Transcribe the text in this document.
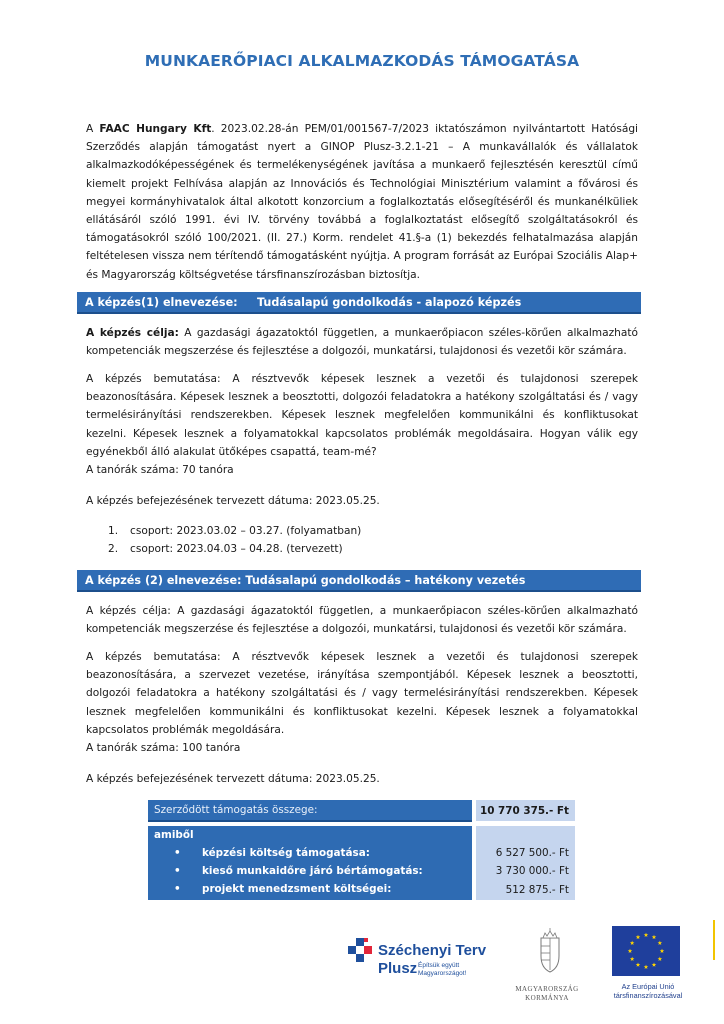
MUNKAERŐPIACI ALKALMAZKODÁS TÁMOGATÁSA

A FAAC Hungary Kft. 2023.02.28-án PEM/01/001567-7/2023 iktatószámon nyilvántartott Hatósági Szerződés alapján támogatást nyert a GINOP Plusz-3.2.1-21 – A munkavállalók és vállalatok alkalmazkodóképességének és termelékenységének javítása a munkaerő fejlesztésén keresztül című kiemelt projekt Felhívása alapján az Innovációs és Technológiai Minisztérium valamint a fővárosi és megyei kormányhivatalok által alkotott konzorcium a foglalkoztatás elősegítéséről és munkanélküliek ellátásáról szóló 1991. évi IV. törvény továbbá a foglalkoztatást elősegítő szolgáltatásokról és támogatásokról szóló 100/2021. (II. 27.) Korm. rendelet 41.§-a (1) bekezdés felhatalmazása alapján feltételesen vissza nem térítendő támogatásként nyújtja. A program forrását az Európai Szociális Alap+ és Magyarország költségvetése társfinanszírozásban biztosítja.

A képzés(1) elnevezése: Tudásalapú gondolkodás - alapozó képzés

A képzés célja: A gazdasági ágazatoktól független, a munkaerőpiacon széles-körűen alkalmazható kompetenciák megszerzése és fejlesztése a dolgozói, munkatársi, tulajdonosi és vezetői kör számára.

A képzés bemutatása: A résztvevők képesek lesznek a vezetői és tulajdonosi szerepek beazonosítására. Képesek lesznek a beosztotti, dolgozói feladatokra a hatékony szolgáltatási és / vagy termelésirányítási rendszerekben. Képesek lesznek megfelelően kommunikálni és konfliktusokat kezelni. Képesek lesznek a folyamatokkal kapcsolatos problémák megoldásaira. Hogyan válik egy egyénekből álló alakulat ütőképes csapattá, team-mé?

A tanórák száma: 70 tanóra
A képzés befejezésének tervezett dátuma: 2023.05.25.
1. csoport: 2023.03.02 – 03.27. (folyamatban)
2. csoport: 2023.04.03 – 04.28. (tervezett)
A képzés (2) elnevezése: Tudásalapú gondolkodás – hatékony vezetés

A képzés célja: A gazdasági ágazatoktól független, a munkaerőpiacon széles-körűen alkalmazható kompetenciák megszerzése és fejlesztése a dolgozói, munkatársi, tulajdonosi és vezetői kör számára.

A képzés bemutatása: A résztvevők képesek lesznek a vezetői és tulajdonosi szerepek beazonosítására, a szervezet vezetése, irányítása szempontjából. Képesek lesznek a beosztotti, dolgozói feladatokra a hatékony szolgáltatási és / vagy termelésirányítási rendszerekben. Képesek lesznek megfelelően kommunikálni és konfliktusokat kezelni. Képesek lesznek a folyamatokkal kapcsolatos problémák megoldására.

A tanórák száma: 100 tanóra
A képzés befejezésének tervezett dátuma: 2023.05.25.
Szerződött támogatás összege:		10 770 375.- Ft

amiből		
• képzési költség támogatása:		6 527 500.- Ft
• kieső munkaidőre járó bértámogatás:		3 730 000.- Ft
• projekt menedzsment költségei:		512 875.- Ft
Széchenyi Terv
Plusz Építsük együtt Magyarországot!
MAGYARORSZÁG
KORMÁNYA
Az Európai Unió
társfinanszírozásával
